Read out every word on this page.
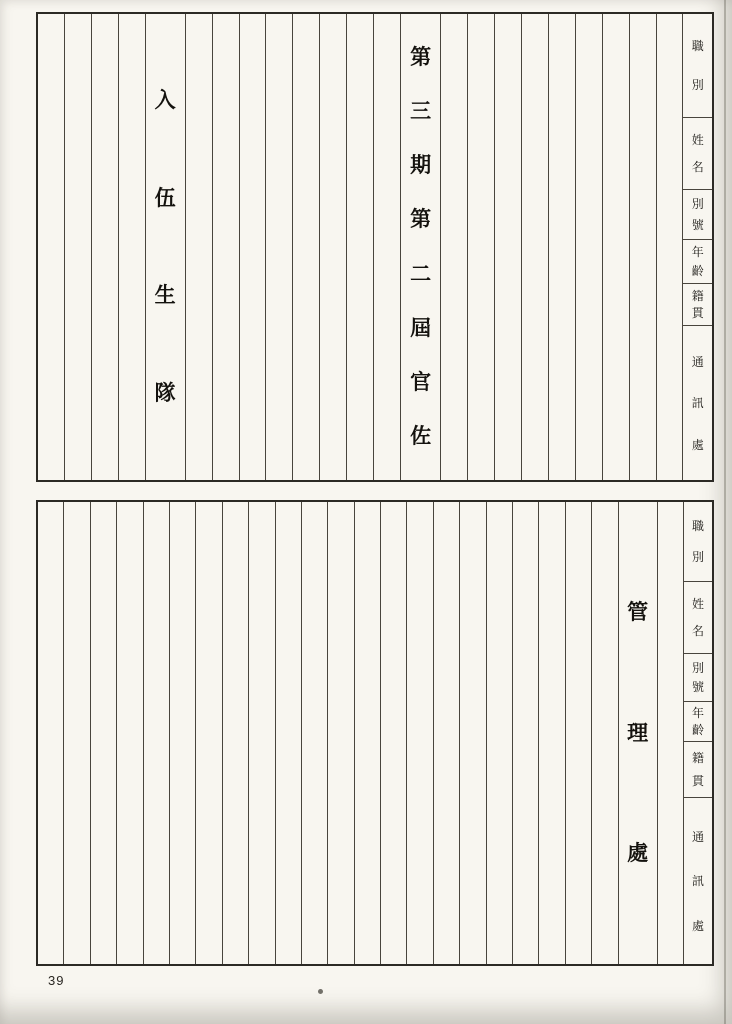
職
別
姓
名
別
號
年
齡
籍
貫
通
訊
處
第
三
期
第
二
屆
官
佐
入
伍
生
隊
職
別
姓
名
別
號
年
齡
籍
貫
通
訊
處
管
理
處
39
